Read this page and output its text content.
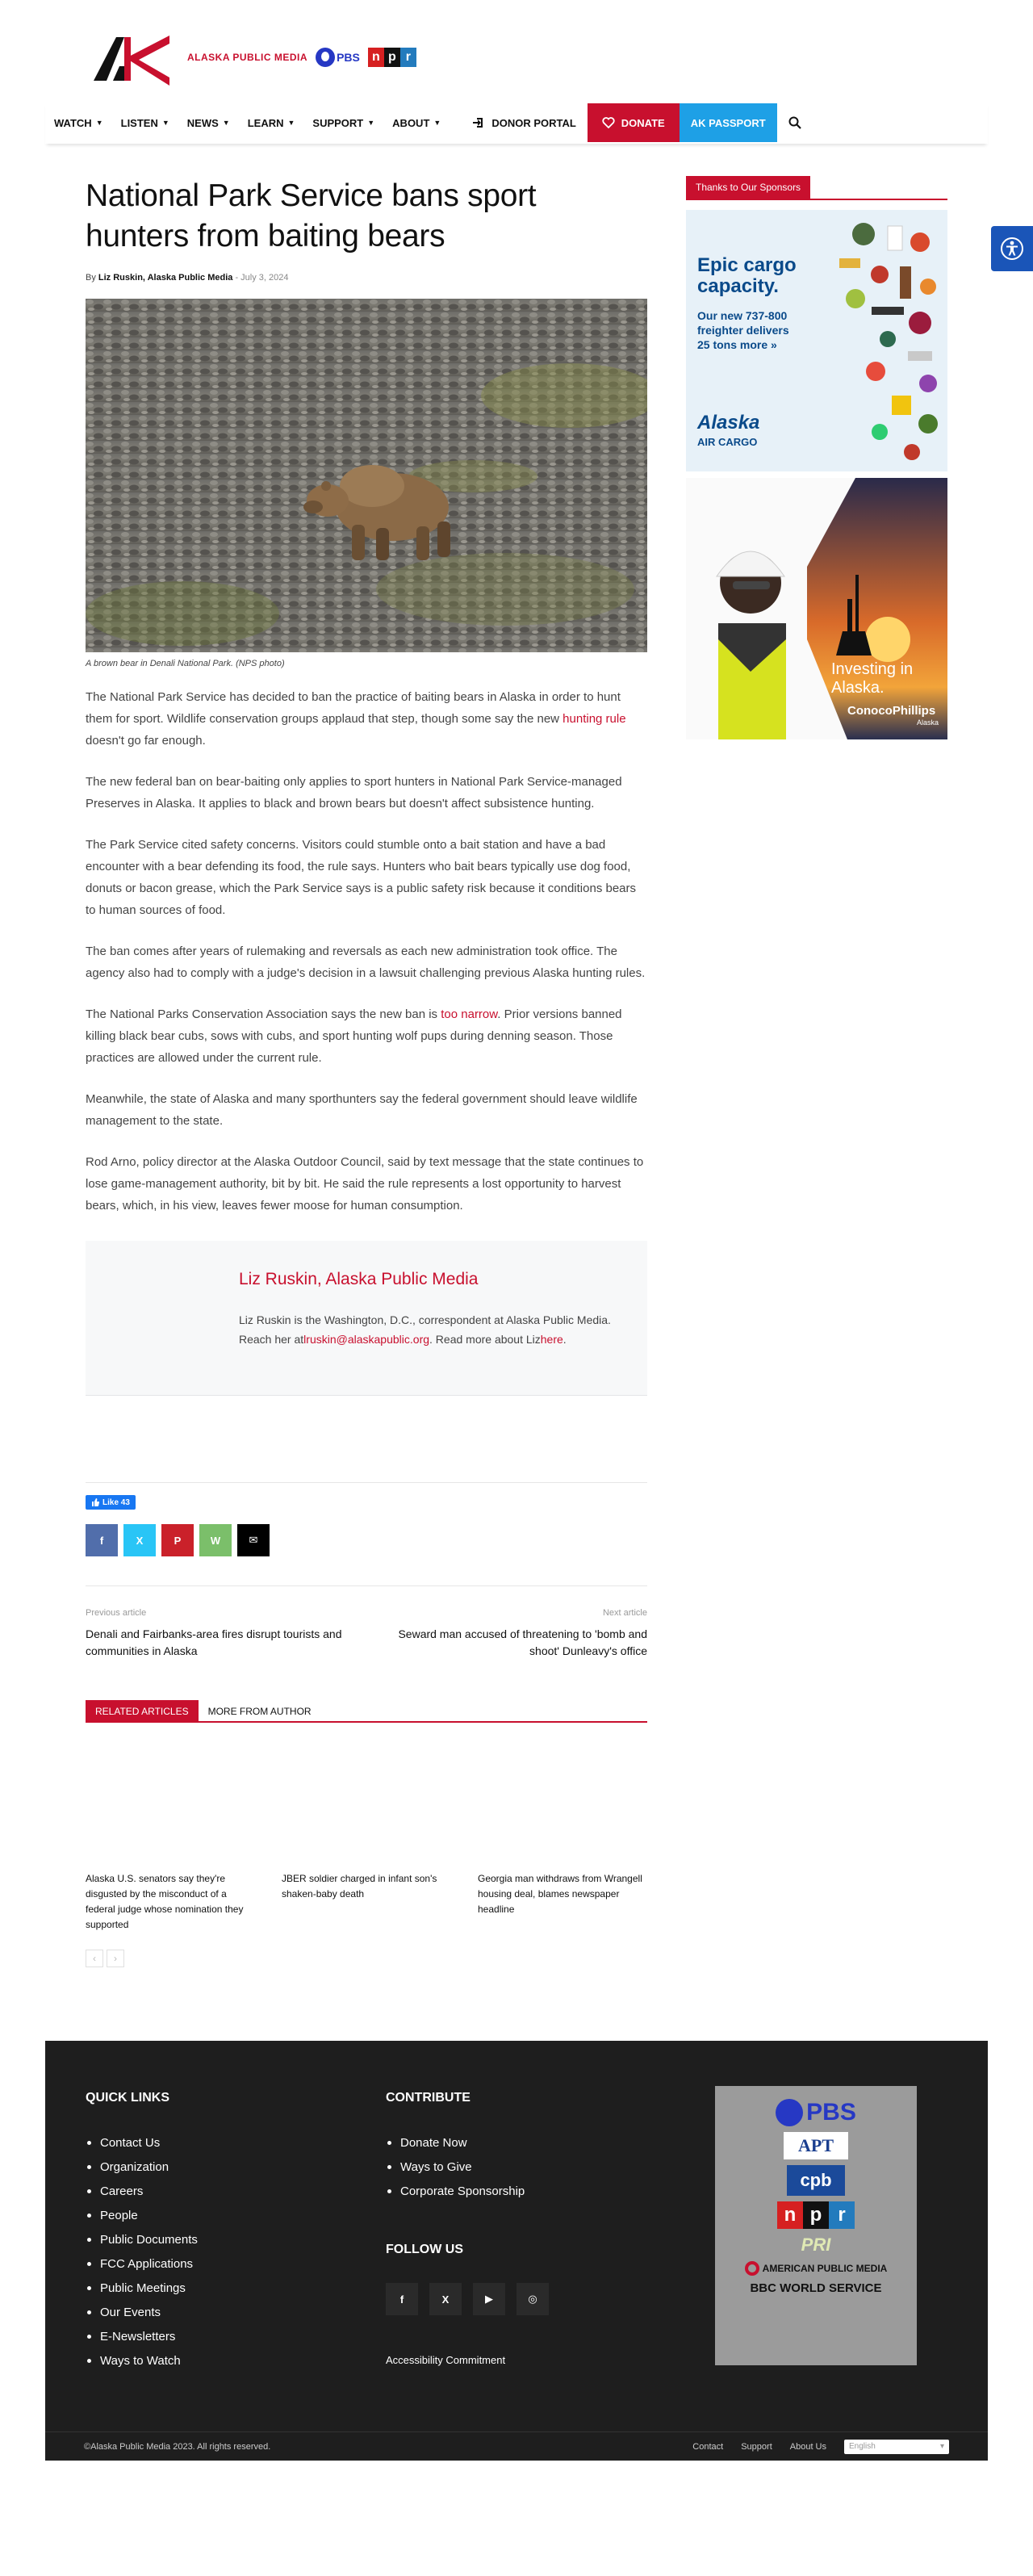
ALASKA PUBLIC MEDIA	PBS n p r
WATCH ▼ LISTEN ▼ NEWS ▼ LEARN ▼ SUPPORT ▼ ABOUT ▼	DONOR PORTAL	DONATE AK PASSPORT
National Park Service bans sport hunters from baiting bears
By Liz Ruskin, Alaska Public Media - July 3, 2024
A brown bear in Denali National Park. (NPS photo)

The National Park Service has decided to ban the practice of baiting bears in Alaska in order to hunt them for sport. Wildlife conservation groups applaud that step, though some say the new hunting rule doesn't go far enough.

The new federal ban on bear-baiting only applies to sport hunters in National Park Service-managed Preserves in Alaska. It applies to black and brown bears but doesn't affect subsistence hunting.

The Park Service cited safety concerns. Visitors could stumble onto a bait station and have a bad encounter with a bear defending its food, the rule says. Hunters who bait bears typically use dog food, donuts or bacon grease, which the Park Service says is a public safety risk because it conditions bears to human sources of food.

The ban comes after years of rulemaking and reversals as each new administration took office. The agency also had to comply with a judge's decision in a lawsuit challenging previous Alaska hunting rules.

The National Parks Conservation Association says the new ban is too narrow. Prior versions banned killing black bear cubs, sows with cubs, and sport hunting wolf pups during denning season. Those practices are allowed under the current rule.

Meanwhile, the state of Alaska and many sporthunters say the federal government should leave wildlife management to the state.

Rod Arno, policy director at the Alaska Outdoor Council, said by text message that the state continues to lose game-management authority, bit by bit. He said the rule represents a lost opportunity to harvest bears, which, in his view, leaves fewer moose for human consumption.

Liz Ruskin, Alaska Public Media
Liz Ruskin is the Washington, D.C., correspondent at Alaska Public Media. Reach her atlruskin@alaskapublic.org. Read more about Lizhere.
Like 43
f	X	P	W	✉
Previous article
Denali and Fairbanks-area fires disrupt tourists and communities in Alaska
Next article
Seward man accused of threatening to 'bomb and shoot' Dunleavy's office
RELATED ARTICLES	MORE FROM AUTHOR
Alaska U.S. senators say they're disgusted by the misconduct of a federal judge whose nomination they supported
JBER soldier charged in infant son's shaken-baby death
Georgia man withdraws from Wrangell housing deal, blames newspaper headline
‹	›
Thanks to Our Sponsors
Epic cargo
capacity.
Our new 737-800
freighter delivers
25 tons more »
Alaska
AIR CARGO
Investing in Alaska.
ConocoPhillips
Alaska
QUICK LINKS
Contact Us
Organization
Careers
People
Public Documents
FCC Applications
Public Meetings
Our Events
E-Newsletters
Ways to Watch
CONTRIBUTE
Donate Now
Ways to Give
Corporate Sponsorship
FOLLOW US
f	X	▶	◎
Accessibility Commitment
PBS
APT
cpb
n p r
PRI
AMERICAN PUBLIC MEDIA
BBC WORLD SERVICE
©Alaska Public Media 2023. All rights reserved.	Contact Support About Us	English	▾
